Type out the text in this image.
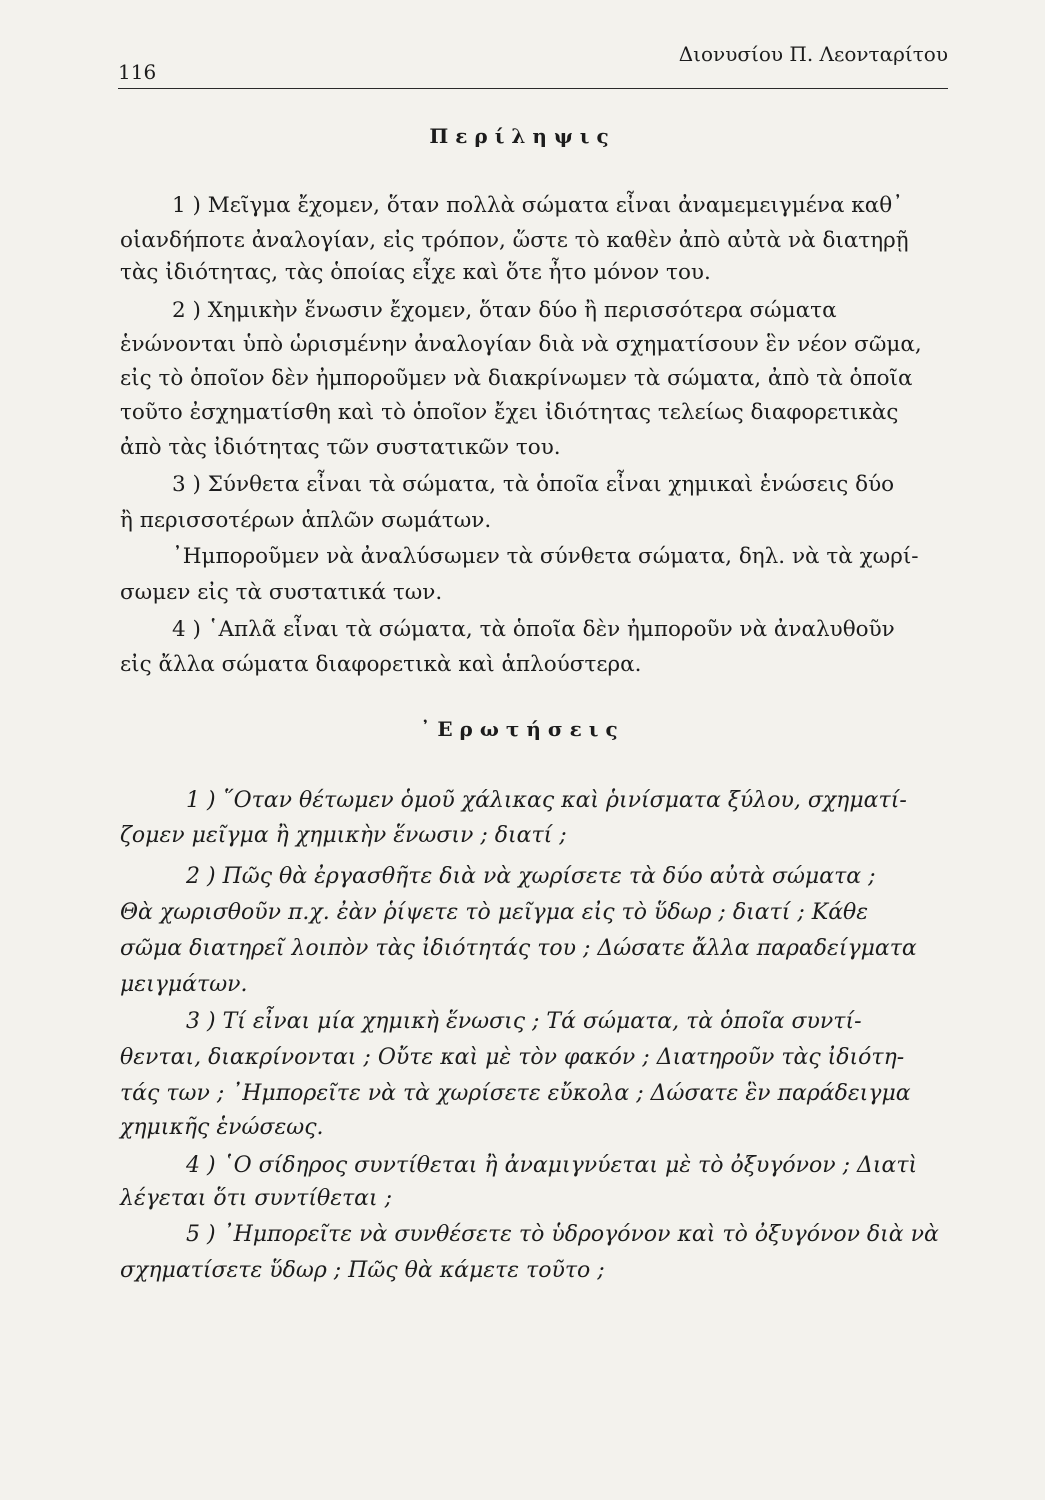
116
Διονυσίου Π. Λεονταρίτου
Περίληψις
1 ) Μεῖγμα ἔχομεν, ὅταν πολλὰ σώματα εἶναι ἀναμεμειγμένα καθ᾽
οἱανδήποτε ἀναλογίαν, εἰς τρόπον, ὥστε τὸ καθὲν ἀπὸ αὐτὰ νὰ διατηρῇ
τὰς ἰδιότητας, τὰς ὁποίας εἶχε καὶ ὅτε ἦτο μόνον του.
2 ) Χημικὴν ἕνωσιν ἔχομεν, ὅταν δύο ἢ περισσότερα σώματα
ἑνώνονται ὑπὸ ὡρισμένην ἀναλογίαν διὰ νὰ σχηματίσουν ἓν νέον σῶμα,
εἰς τὸ ὁποῖον δὲν ἠμποροῦμεν νὰ διακρίνωμεν τὰ σώματα, ἀπὸ τὰ ὁποῖα
τοῦτο ἐσχηματίσθη καὶ τὸ ὁποῖον ἔχει ἰδιότητας τελείως διαφορετικὰς
ἀπὸ τὰς ἰδιότητας τῶν συστατικῶν του.
3 ) Σύνθετα εἶναι τὰ σώματα, τὰ ὁποῖα εἶναι χημικαὶ ἑνώσεις δύο
ἢ περισσοτέρων ἁπλῶν σωμάτων.
᾽Ημποροῦμεν νὰ ἀναλύσωμεν τὰ σύνθετα σώματα, δηλ. νὰ τὰ χωρί-
σωμεν εἰς τὰ συστατικά των.
4 ) ῾Απλᾶ εἶναι τὰ σώματα, τὰ ὁποῖα δὲν ἠμποροῦν νὰ ἀναλυθοῦν
εἰς ἄλλα σώματα διαφορετικὰ καὶ ἁπλούστερα.
᾽Ερωτήσεις
1 ) ῞Οταν θέτωμεν ὁμοῦ χάλικας καὶ ῥινίσματα ξύλου, σχηματί-
ζομεν μεῖγμα ἢ χημικὴν ἕνωσιν ; διατί ;
2 ) Πῶς θὰ ἐργασθῆτε διὰ νὰ χωρίσετε τὰ δύο αὐτὰ σώματα ;
Θὰ χωρισθοῦν π.χ. ἐὰν ῥίψετε τὸ μεῖγμα εἰς τὸ ὕδωρ ; διατί ; Κάθε
σῶμα διατηρεῖ λοιπὸν τὰς ἰδιότητάς του ; Δώσατε ἄλλα παραδείγματα
μειγμάτων.
3 ) Τί εἶναι μία χημικὴ ἕνωσις ; Τά σώματα, τὰ ὁποῖα συντί-
θενται, διακρίνονται ; Οὔτε καὶ μὲ τὸν φακόν ; Διατηροῦν τὰς ἰδιότη-
τάς των ; ᾽Ημπορεῖτε νὰ τὰ χωρίσετε εὔκολα ; Δώσατε ἓν παράδειγμα
χημικῆς ἑνώσεως.
4 ) ῾Ο σίδηρος συντίθεται ἢ ἀναμιγνύεται μὲ τὸ ὀξυγόνον ; Διατὶ
λέγεται ὅτι συντίθεται ;
5 ) ᾽Ημπορεῖτε νὰ συνθέσετε τὸ ὑδρογόνον καὶ τὸ ὀξυγόνον διὰ νὰ
σχηματίσετε ὕδωρ ; Πῶς θὰ κάμετε τοῦτο ;
